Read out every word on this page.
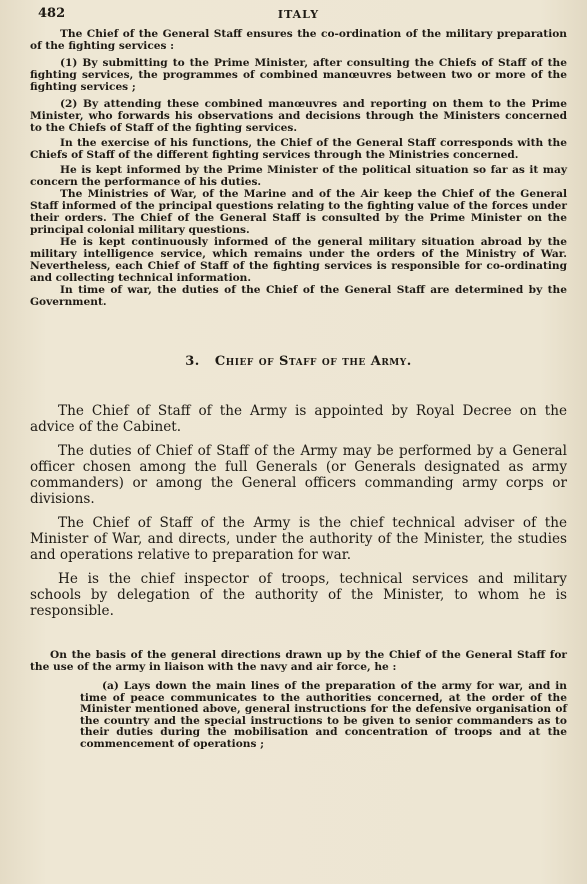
482	ITALY

The Chief of the General Staff ensures the co-ordination of the military preparation of the fighting services :

(1) By submitting to the Prime Minister, after consulting the Chiefs of Staff of the fighting services, the programmes of combined manœuvres between two or more of the fighting services ;

(2) By attending these combined manœuvres and reporting on them to the Prime Minister, who forwards his observations and decisions through the Ministers concerned to the Chiefs of Staff of the fighting services.

In the exercise of his functions, the Chief of the General Staff corresponds with the Chiefs of Staff of the different fighting services through the Ministries concerned.

He is kept informed by the Prime Minister of the political situation so far as it may concern the performance of his duties.

The Ministries of War, of the Marine and of the Air keep the Chief of the General Staff informed of the principal questions relating to the fighting value of the forces under their orders. The Chief of the General Staff is consulted by the Prime Minister on the principal colonial military questions.

He is kept continuously informed of the general military situation abroad by the military intelligence service, which remains under the orders of the Ministry of War. Nevertheless, each Chief of Staff of the fighting services is responsible for co-ordinating and collecting technical information.

In time of war, the duties of the Chief of the General Staff are determined by the Government.

3. Chief of Staff of the Army.

The Chief of Staff of the Army is appointed by Royal Decree on the advice of the Cabinet.

The duties of Chief of Staff of the Army may be performed by a General officer chosen among the full Generals (or Generals designated as army commanders) or among the General officers commanding army corps or divisions.

The Chief of Staff of the Army is the chief technical adviser of the Minister of War, and directs, under the authority of the Minister, the studies and operations relative to preparation for war.

He is the chief inspector of troops, technical services and military schools by delegation of the authority of the Minister, to whom he is responsible.

On the basis of the general directions drawn up by the Chief of the General Staff for the use of the army in liaison with the navy and air force, he :

(a) Lays down the main lines of the preparation of the army for war, and in time of peace communicates to the authorities concerned, at the order of the Minister mentioned above, general instructions for the defensive organisation of the country and the special instructions to be given to senior commanders as to their duties during the mobilisation and concentration of troops and at the commencement of operations ;
